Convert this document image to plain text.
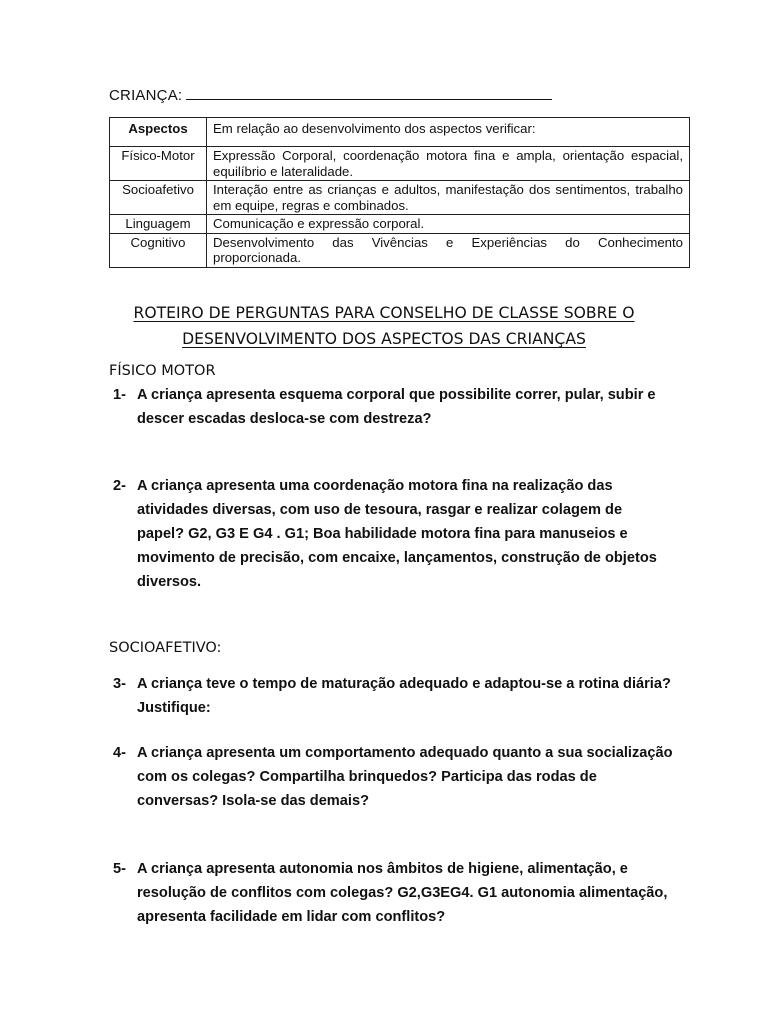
CRIANÇA:
Aspectos	Em relação ao desenvolvimento dos aspectos verificar:
Físico-Motor	Expressão Corporal, coordenação motora fina e ampla, orientação espacial, equilíbrio e lateralidade.
Socioafetivo	Interação entre as crianças e adultos, manifestação dos sentimentos, trabalho em equipe, regras e combinados.
Linguagem	Comunicação e expressão corporal.
Cognitivo	Desenvolvimento das Vivências e Experiências do Conhecimento proporcionada.
ROTEIRO DE PERGUNTAS PARA CONSELHO DE CLASSE SOBRE O
DESENVOLVIMENTO DOS ASPECTOS DAS CRIANÇAS
FÍSICO MOTOR
1- A criança apresenta esquema corporal que possibilite correr, pular, subir e descer escadas desloca-se com destreza?
2- A criança apresenta uma coordenação motora fina na realização das atividades diversas, com uso de tesoura, rasgar e realizar colagem de papel? G2, G3 E G4 . G1; Boa habilidade motora fina para manuseios e movimento de precisão, com encaixe, lançamentos, construção de objetos diversos.
SOCIOAFETIVO:
3- A criança teve o tempo de maturação adequado e adaptou-se a rotina diária? Justifique:
4- A criança apresenta um comportamento adequado quanto a sua socialização com os colegas? Compartilha brinquedos? Participa das rodas de conversas? Isola-se das demais?
5- A criança apresenta autonomia nos âmbitos de higiene, alimentação, e resolução de conflitos com colegas? G2,G3EG4. G1 autonomia alimentação, apresenta facilidade em lidar com conflitos?
